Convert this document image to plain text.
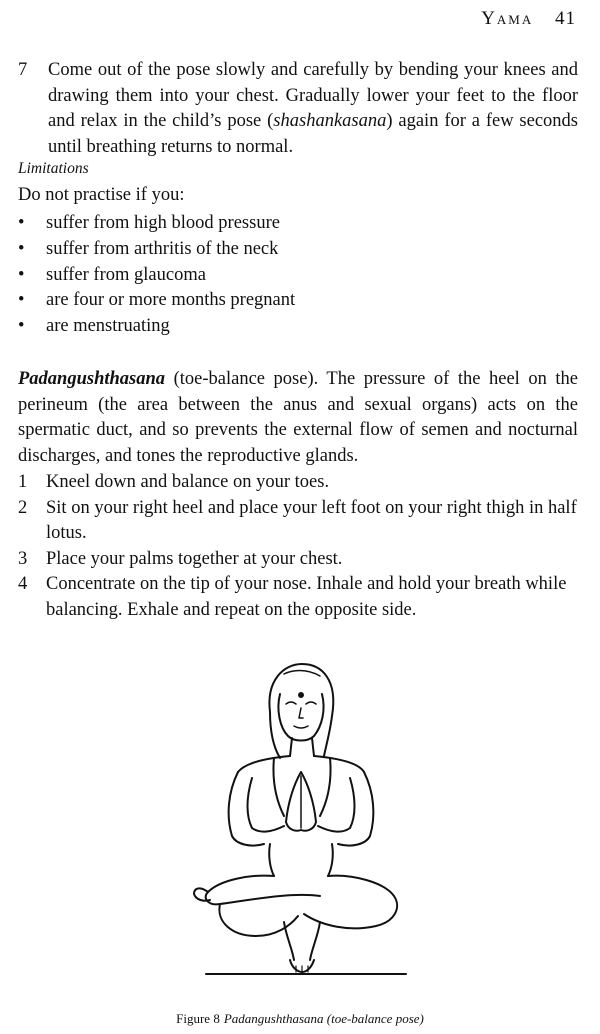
Yama 41
7	Come out of the pose slowly and carefully by bending your knees and drawing them into your chest. Gradually lower your feet to the floor and relax in the child’s pose (shashankasana) again for a few seconds until breathing returns to normal.
Limitations
Do not practise if you:
•	suffer from high blood pressure
•	suffer from arthritis of the neck
•	suffer from glaucoma
•	are four or more months pregnant
•	are menstruating
Padangushthasana (toe-balance pose). The pressure of the heel on the perineum (the area between the anus and sexual organs) acts on the spermatic duct, and so prevents the external flow of semen and nocturnal discharges, and tones the reproductive glands.
1	Kneel down and balance on your toes.
2	Sit on your right heel and place your left foot on your right thigh in half lotus.
3	Place your palms together at your chest.
4	Concentrate on the tip of your nose. Inhale and hold your breath while balancing. Exhale and repeat on the opposite side.
Figure 8 Padangushthasana (toe-balance pose)
